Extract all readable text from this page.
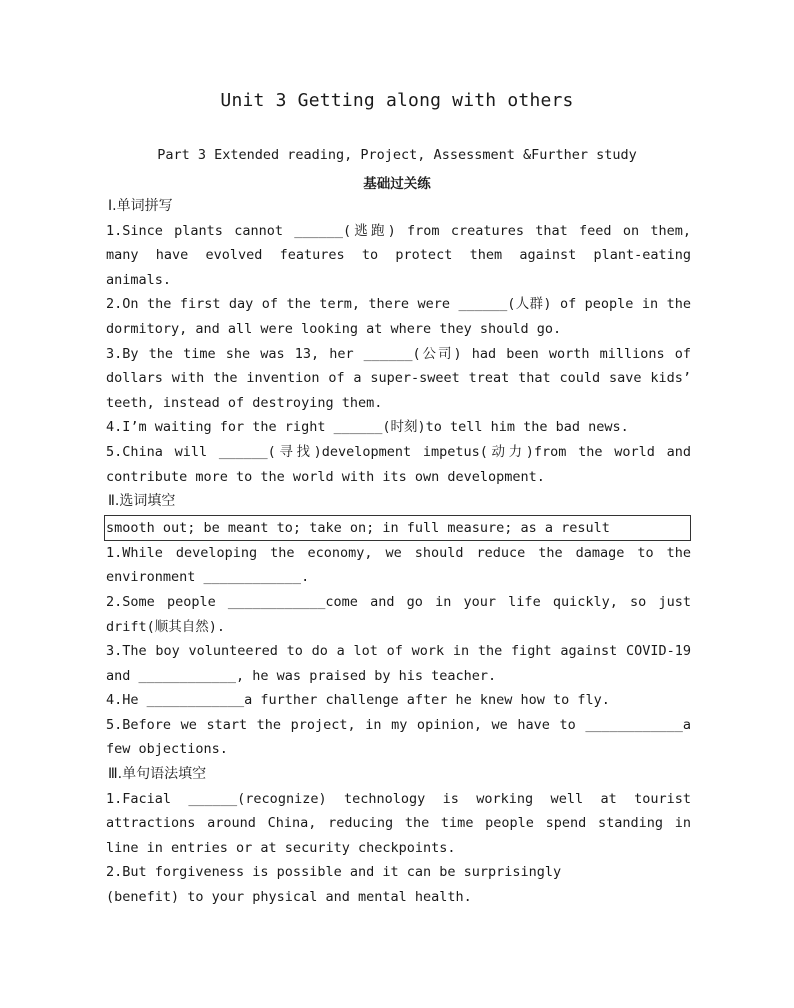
Unit 3 Getting along with others
Part 3 Extended reading, Project, Assessment &Further study
基础过关练
Ⅰ.单词拼写
1.Since plants cannot ______(逃跑) from creatures that feed on them, many have evolved features to protect them against plant-eating animals.
2.On the first day of the term, there were ______(人群) of people in the dormitory, and all were looking at where they should go.
3.By the time she was 13, her ______(公司) had been worth millions of dollars with the invention of a super-sweet treat that could save kids’ teeth, instead of destroying them.
4.I’m waiting for the right ______(时刻)to tell him the bad news.
5.China will ______(寻找)development impetus(动力)from the world and contribute more to the world with its own development.
Ⅱ.选词填空
smooth out; be meant to; take on; in full measure; as a result
1.While developing the economy, we should reduce the damage to the environment ____________.
2.Some people ____________come and go in your life quickly, so just drift(顺其自然).
3.The boy volunteered to do a lot of work in the fight against COVID-19 and ____________, he was praised by his teacher.
4.He ____________a further challenge after he knew how to fly.
5.Before we start the project, in my opinion, we have to ____________a few objections.
Ⅲ.单句语法填空
1.Facial ______(recognize) technology is working well at tourist attractions around China, reducing the time people spend standing in line in entries or at security checkpoints.
2.But forgiveness is possible and it can be surprisingly
(benefit) to your physical and mental health.
